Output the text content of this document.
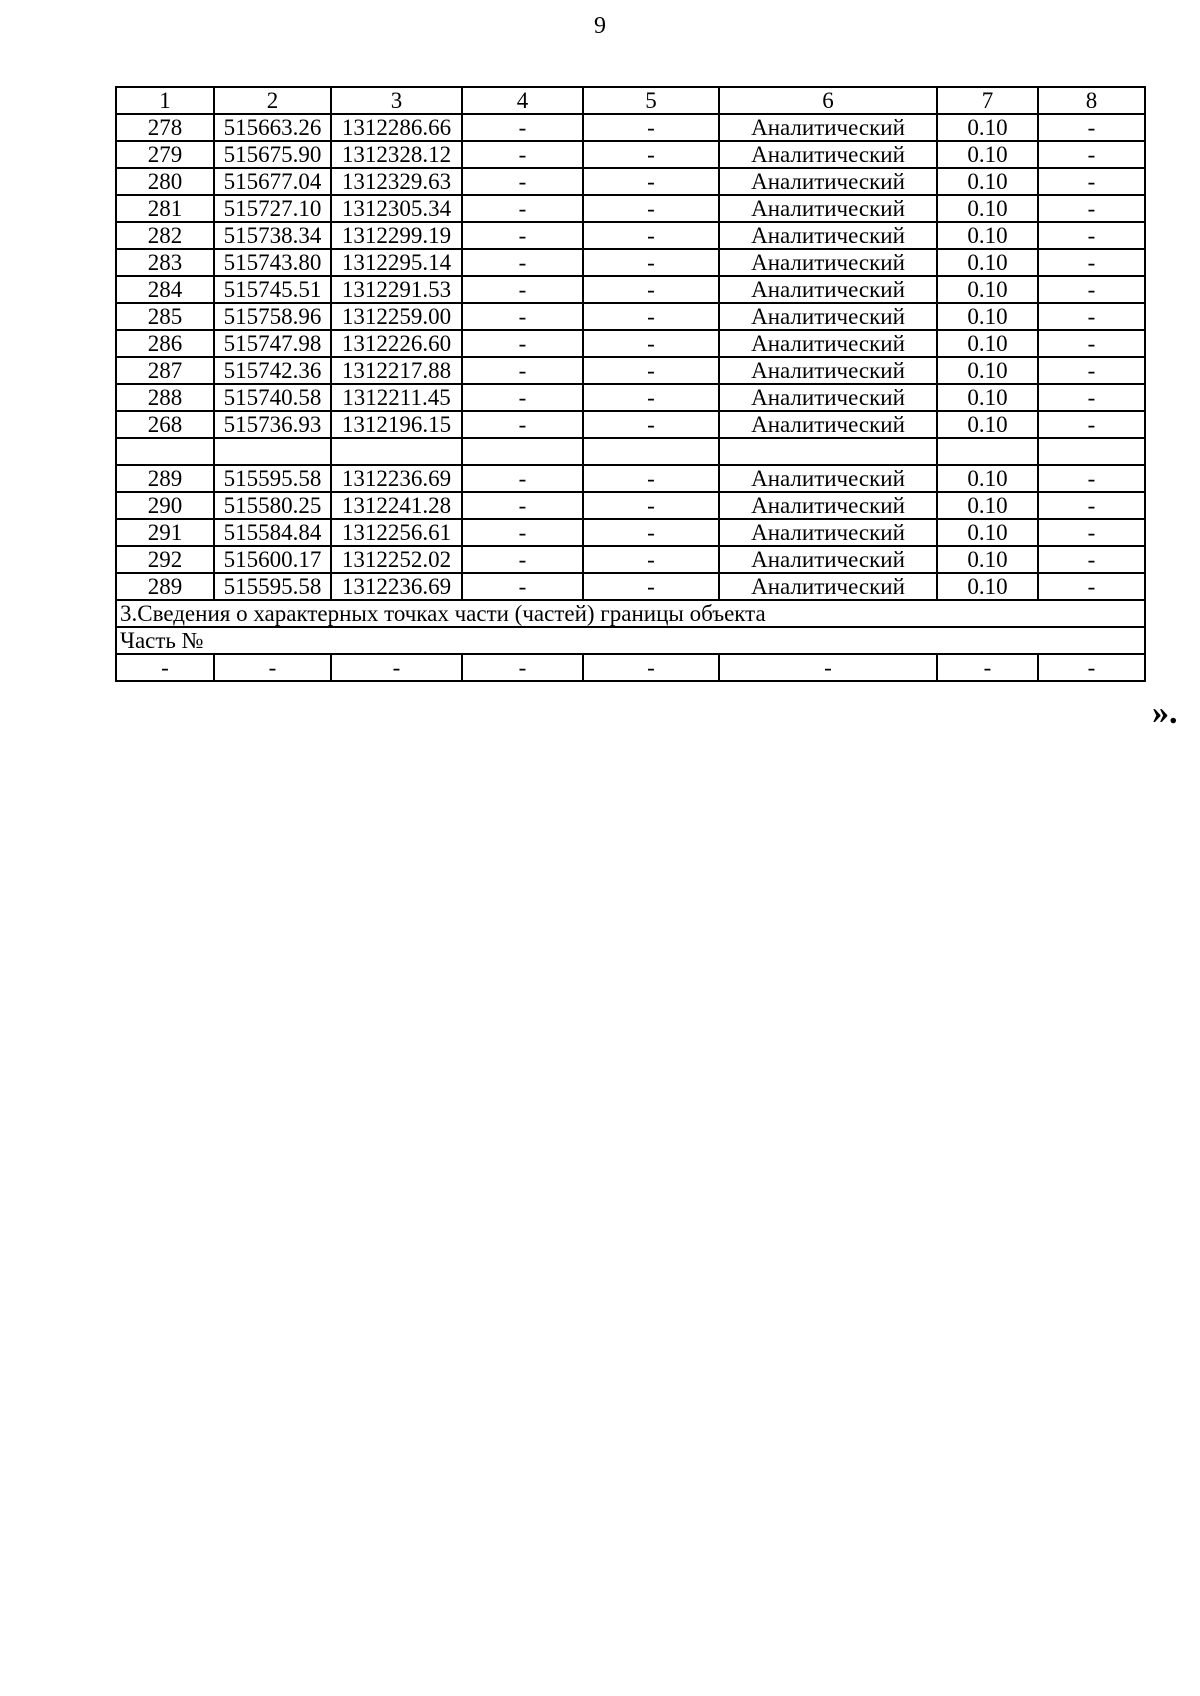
9
1	2	3	4	5	6	7	8
278	515663.26	1312286.66	-	-	Аналитический	0.10	-
279	515675.90	1312328.12	-	-	Аналитический	0.10	-
280	515677.04	1312329.63	-	-	Аналитический	0.10	-
281	515727.10	1312305.34	-	-	Аналитический	0.10	-
282	515738.34	1312299.19	-	-	Аналитический	0.10	-
283	515743.80	1312295.14	-	-	Аналитический	0.10	-
284	515745.51	1312291.53	-	-	Аналитический	0.10	-
285	515758.96	1312259.00	-	-	Аналитический	0.10	-
286	515747.98	1312226.60	-	-	Аналитический	0.10	-
287	515742.36	1312217.88	-	-	Аналитический	0.10	-
288	515740.58	1312211.45	-	-	Аналитический	0.10	-
268	515736.93	1312196.15	-	-	Аналитический	0.10	-

289	515595.58	1312236.69	-	-	Аналитический	0.10	-
290	515580.25	1312241.28	-	-	Аналитический	0.10	-
291	515584.84	1312256.61	-	-	Аналитический	0.10	-
292	515600.17	1312252.02	-	-	Аналитический	0.10	-
289	515595.58	1312236.69	-	-	Аналитический	0.10	-
3.Сведения о характерных точках части (частей) границы объекта							
Часть №							
-	-	-	-	-	-	-	-
».
